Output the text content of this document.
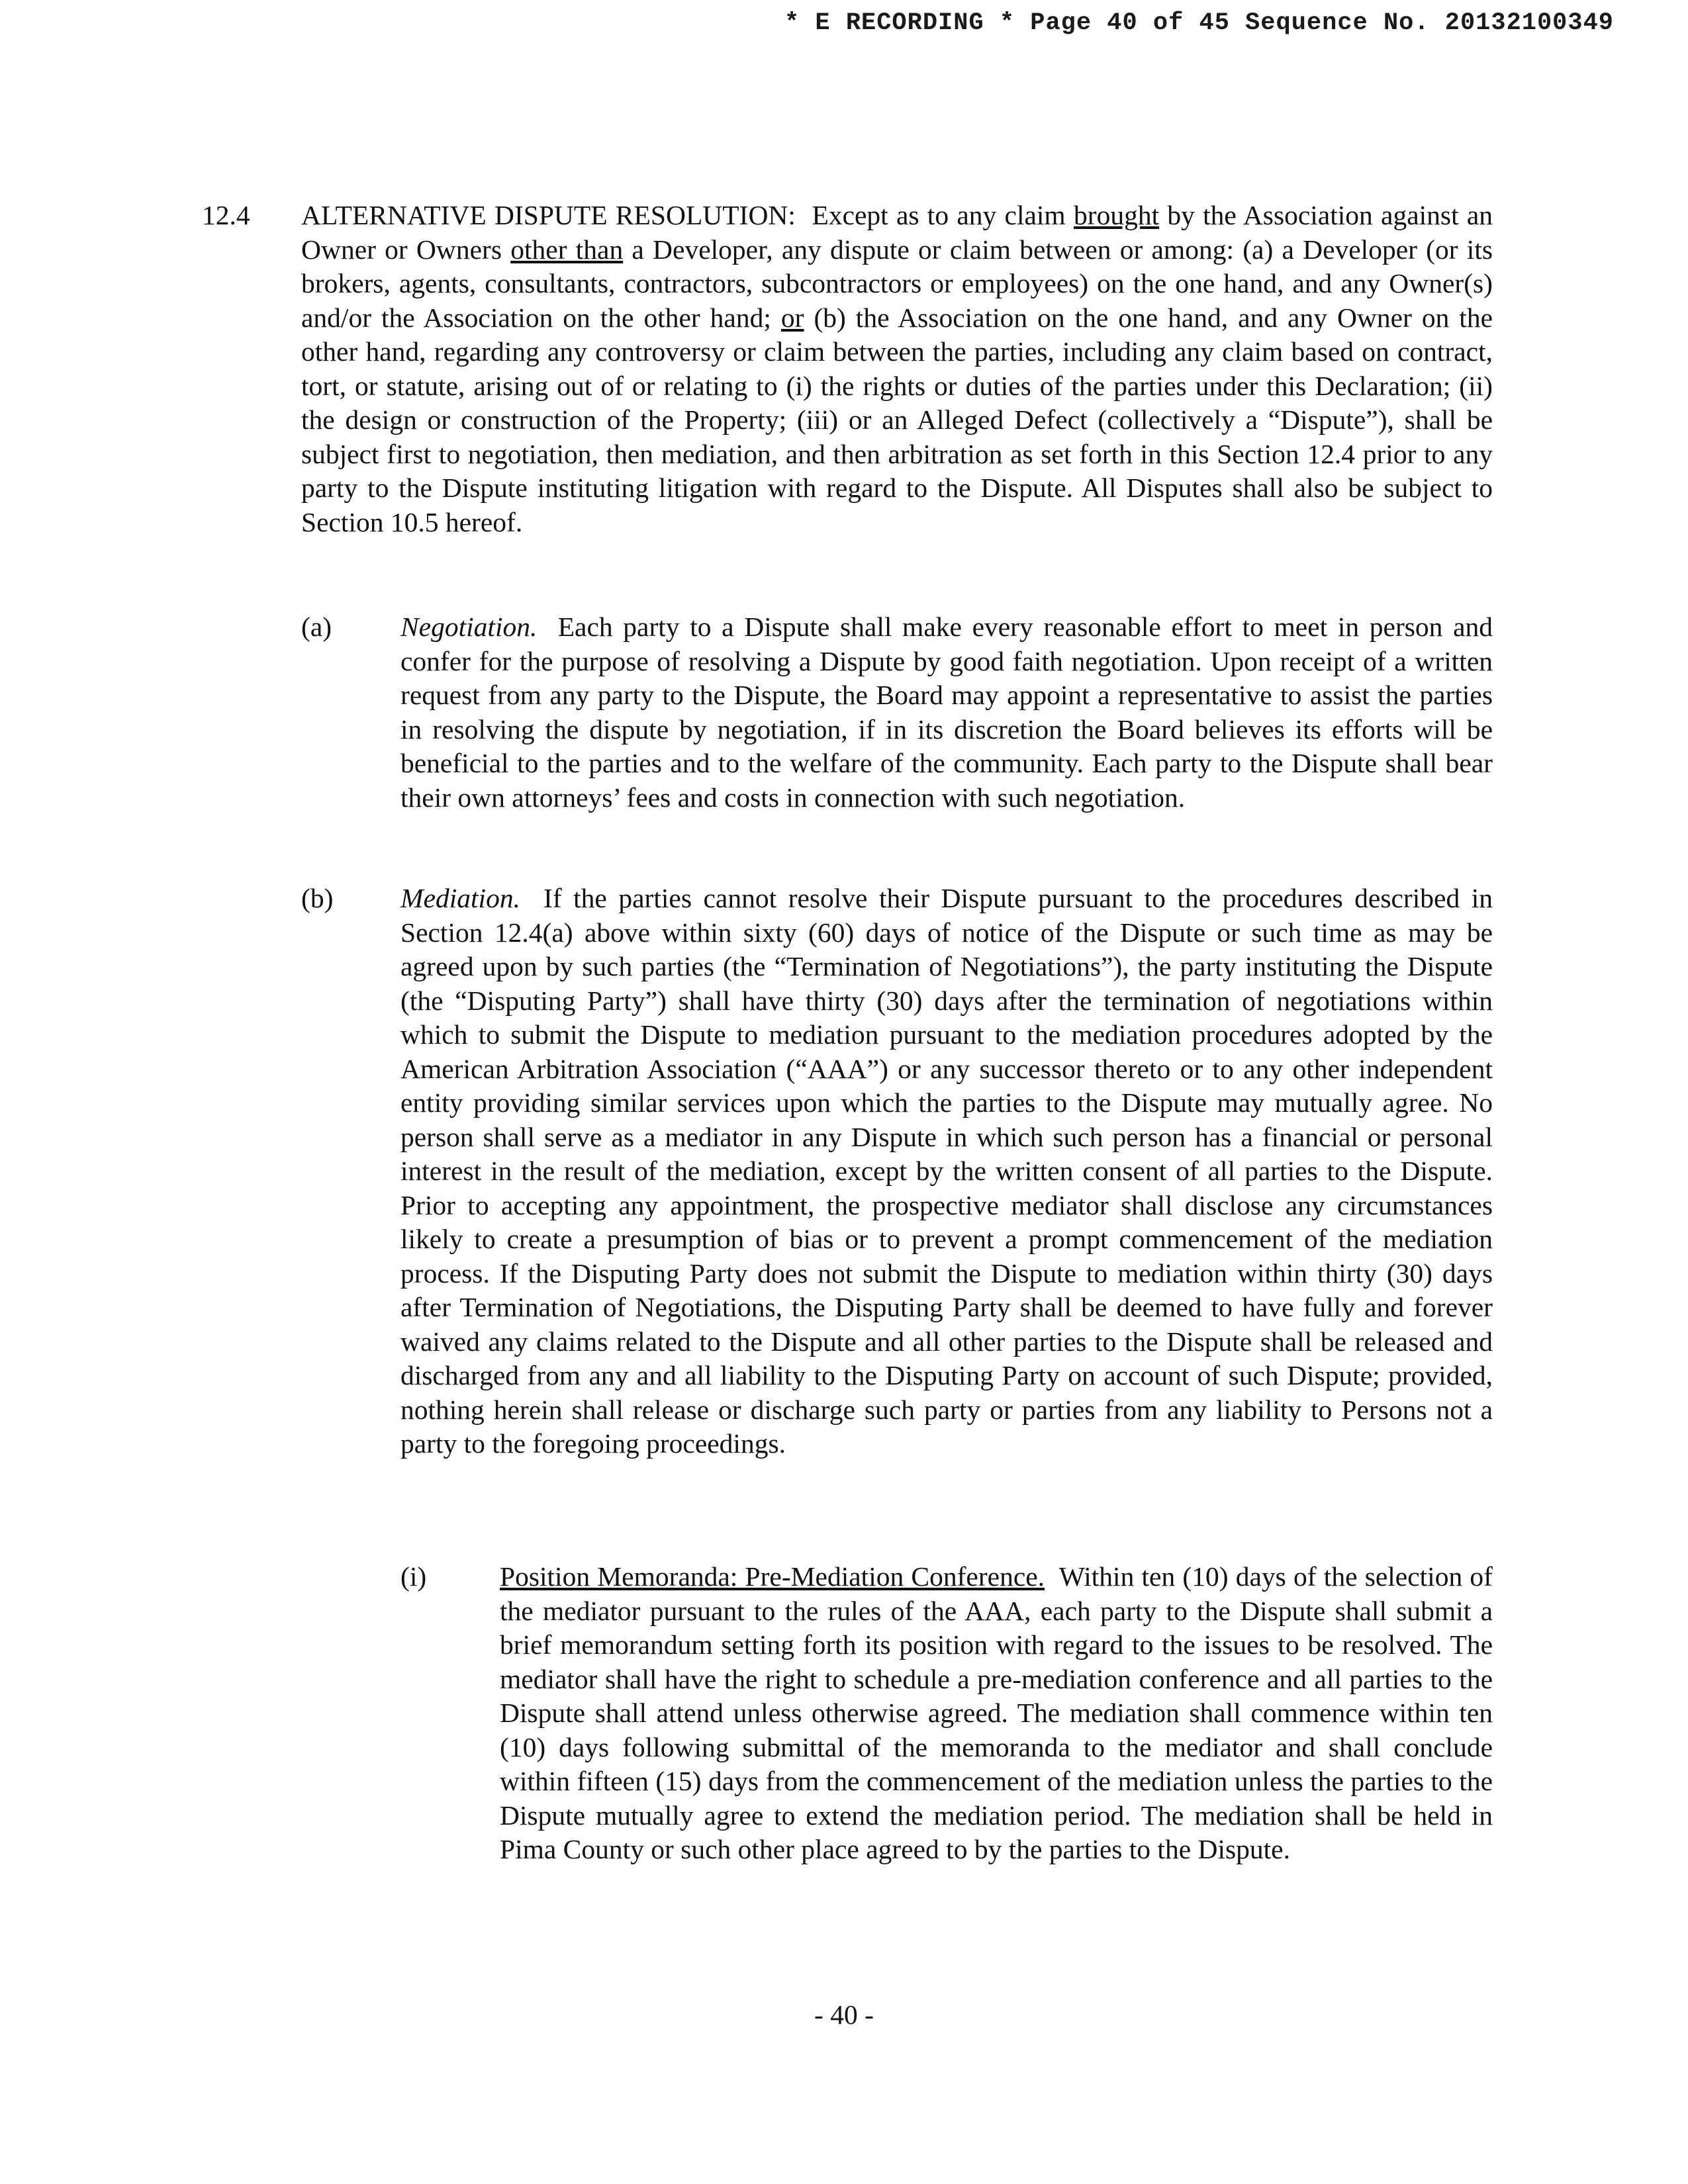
* E RECORDING * Page 40 of 45 Sequence No. 20132100349
12.4 ALTERNATIVE DISPUTE RESOLUTION: Except as to any claim brought by the Association against an Owner or Owners other than a Developer, any dispute or claim between or among: (a) a Developer (or its brokers, agents, consultants, contractors, subcontractors or employees) on the one hand, and any Owner(s) and/or the Association on the other hand; or (b) the Association on the one hand, and any Owner on the other hand, regarding any controversy or claim between the parties, including any claim based on contract, tort, or statute, arising out of or relating to (i) the rights or duties of the parties under this Declaration; (ii) the design or construction of the Property; (iii) or an Alleged Defect (collectively a “Dispute”), shall be subject first to negotiation, then mediation, and then arbitration as set forth in this Section 12.4 prior to any party to the Dispute instituting litigation with regard to the Dispute. All Disputes shall also be subject to Section 10.5 hereof.

(a)	Negotiation. Each party to a Dispute shall make every reasonable effort to meet in person and confer for the purpose of resolving a Dispute by good faith negotiation. Upon receipt of a written request from any party to the Dispute, the Board may appoint a representative to assist the parties in resolving the dispute by negotiation, if in its discretion the Board believes its efforts will be beneficial to the parties and to the welfare of the community. Each party to the Dispute shall bear their own attorneys’ fees and costs in connection with such negotiation.

(b) Mediation. If the parties cannot resolve their Dispute pursuant to the procedures described in Section 12.4(a) above within sixty (60) days of notice of the Dispute or such time as may be agreed upon by such parties (the “Termination of Negotiations”), the party instituting the Dispute (the “Disputing Party”) shall have thirty (30) days after the termination of negotiations within which to submit the Dispute to mediation pursuant to the mediation procedures adopted by the American Arbitration Association (“AAA”) or any successor thereto or to any other independent entity providing similar services upon which the parties to the Dispute may mutually agree. No person shall serve as a mediator in any Dispute in which such person has a financial or personal interest in the result of the mediation, except by the written consent of all parties to the Dispute. Prior to accepting any appointment, the prospective mediator shall disclose any circumstances likely to create a presumption of bias or to prevent a prompt commencement of the mediation process. If the Disputing Party does not submit the Dispute to mediation within thirty (30) days after Termination of Negotiations, the Disputing Party shall be deemed to have fully and forever waived any claims related to the Dispute and all other parties to the Dispute shall be released and discharged from any and all liability to the Disputing Party on account of such Dispute; provided, nothing herein shall release or discharge such party or parties from any liability to Persons not a party to the foregoing proceedings.

(i)	Position Memoranda: Pre-Mediation Conference. Within ten (10) days of the selection of the mediator pursuant to the rules of the AAA, each party to the Dispute shall submit a brief memorandum setting forth its position with regard to the issues to be resolved. The mediator shall have the right to schedule a pre-mediation conference and all parties to the Dispute shall attend unless otherwise agreed. The mediation shall commence within ten (10) days following submittal of the memoranda to the mediator and shall conclude within fifteen (15) days from the commencement of the mediation unless the parties to the Dispute mutually agree to extend the mediation period. The mediation shall be held in Pima County or such other place agreed to by the parties to the Dispute.

- 40 -
